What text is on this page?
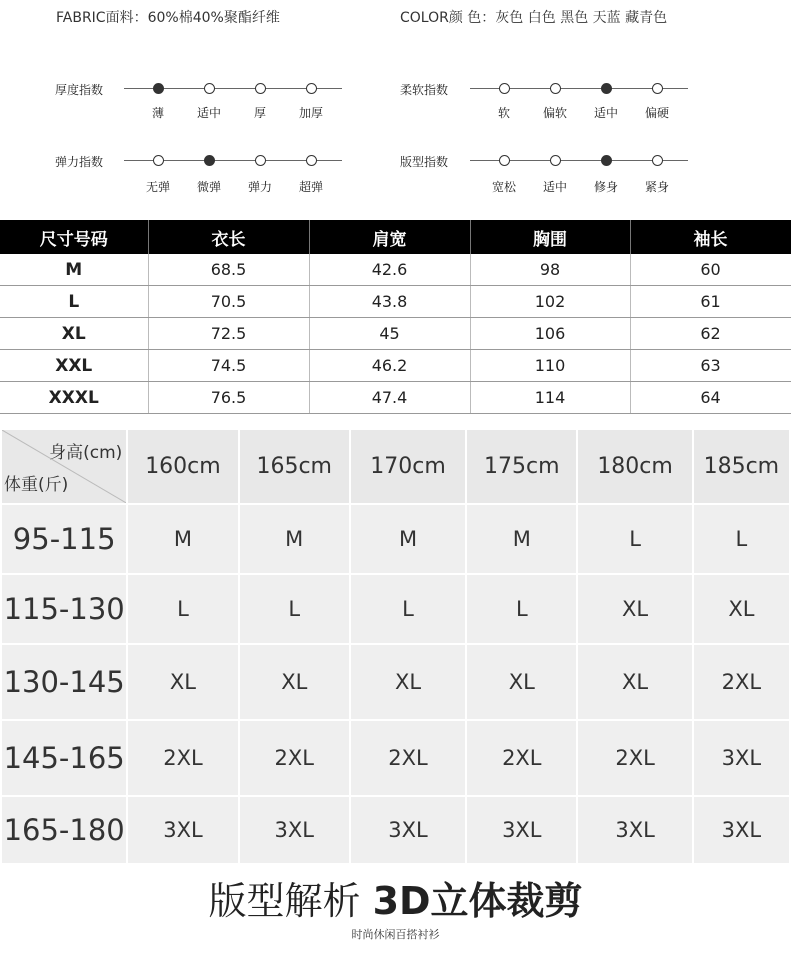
FABRIC面料：60%棉40%聚酯纤维	COLOR颜 色：灰色 白色 黑色 天蓝 藏青色
厚度指数
薄	适中	厚	加厚
柔软指数
软	偏软 适中 偏硬
弹力指数
无弹 微弹 弹力 超弹
版型指数
宽松 适中 修身 紧身
尺寸号码	衣长	肩宽	胸围	袖长
M	68.5	42.6	98	60
L	70.5	43.8	102	61
XL	72.5	45	106	62
XXL	74.5	46.2	110	63
XXXL	76.5	47.4	114	64
身高(cm)
体重(斤)	160cm	165cm	170cm	175cm	180cm	185cm
95-115	M	M	M	M	L	L
115-130	L	L	L	L	XL	XL
130-145	XL	XL	XL	XL	XL	2XL
145-165	2XL	2XL	2XL	2XL	2XL	3XL
165-180	3XL	3XL	3XL	3XL	3XL	3XL
版型解析 3D立体裁剪
时尚休闲百搭衬衫
